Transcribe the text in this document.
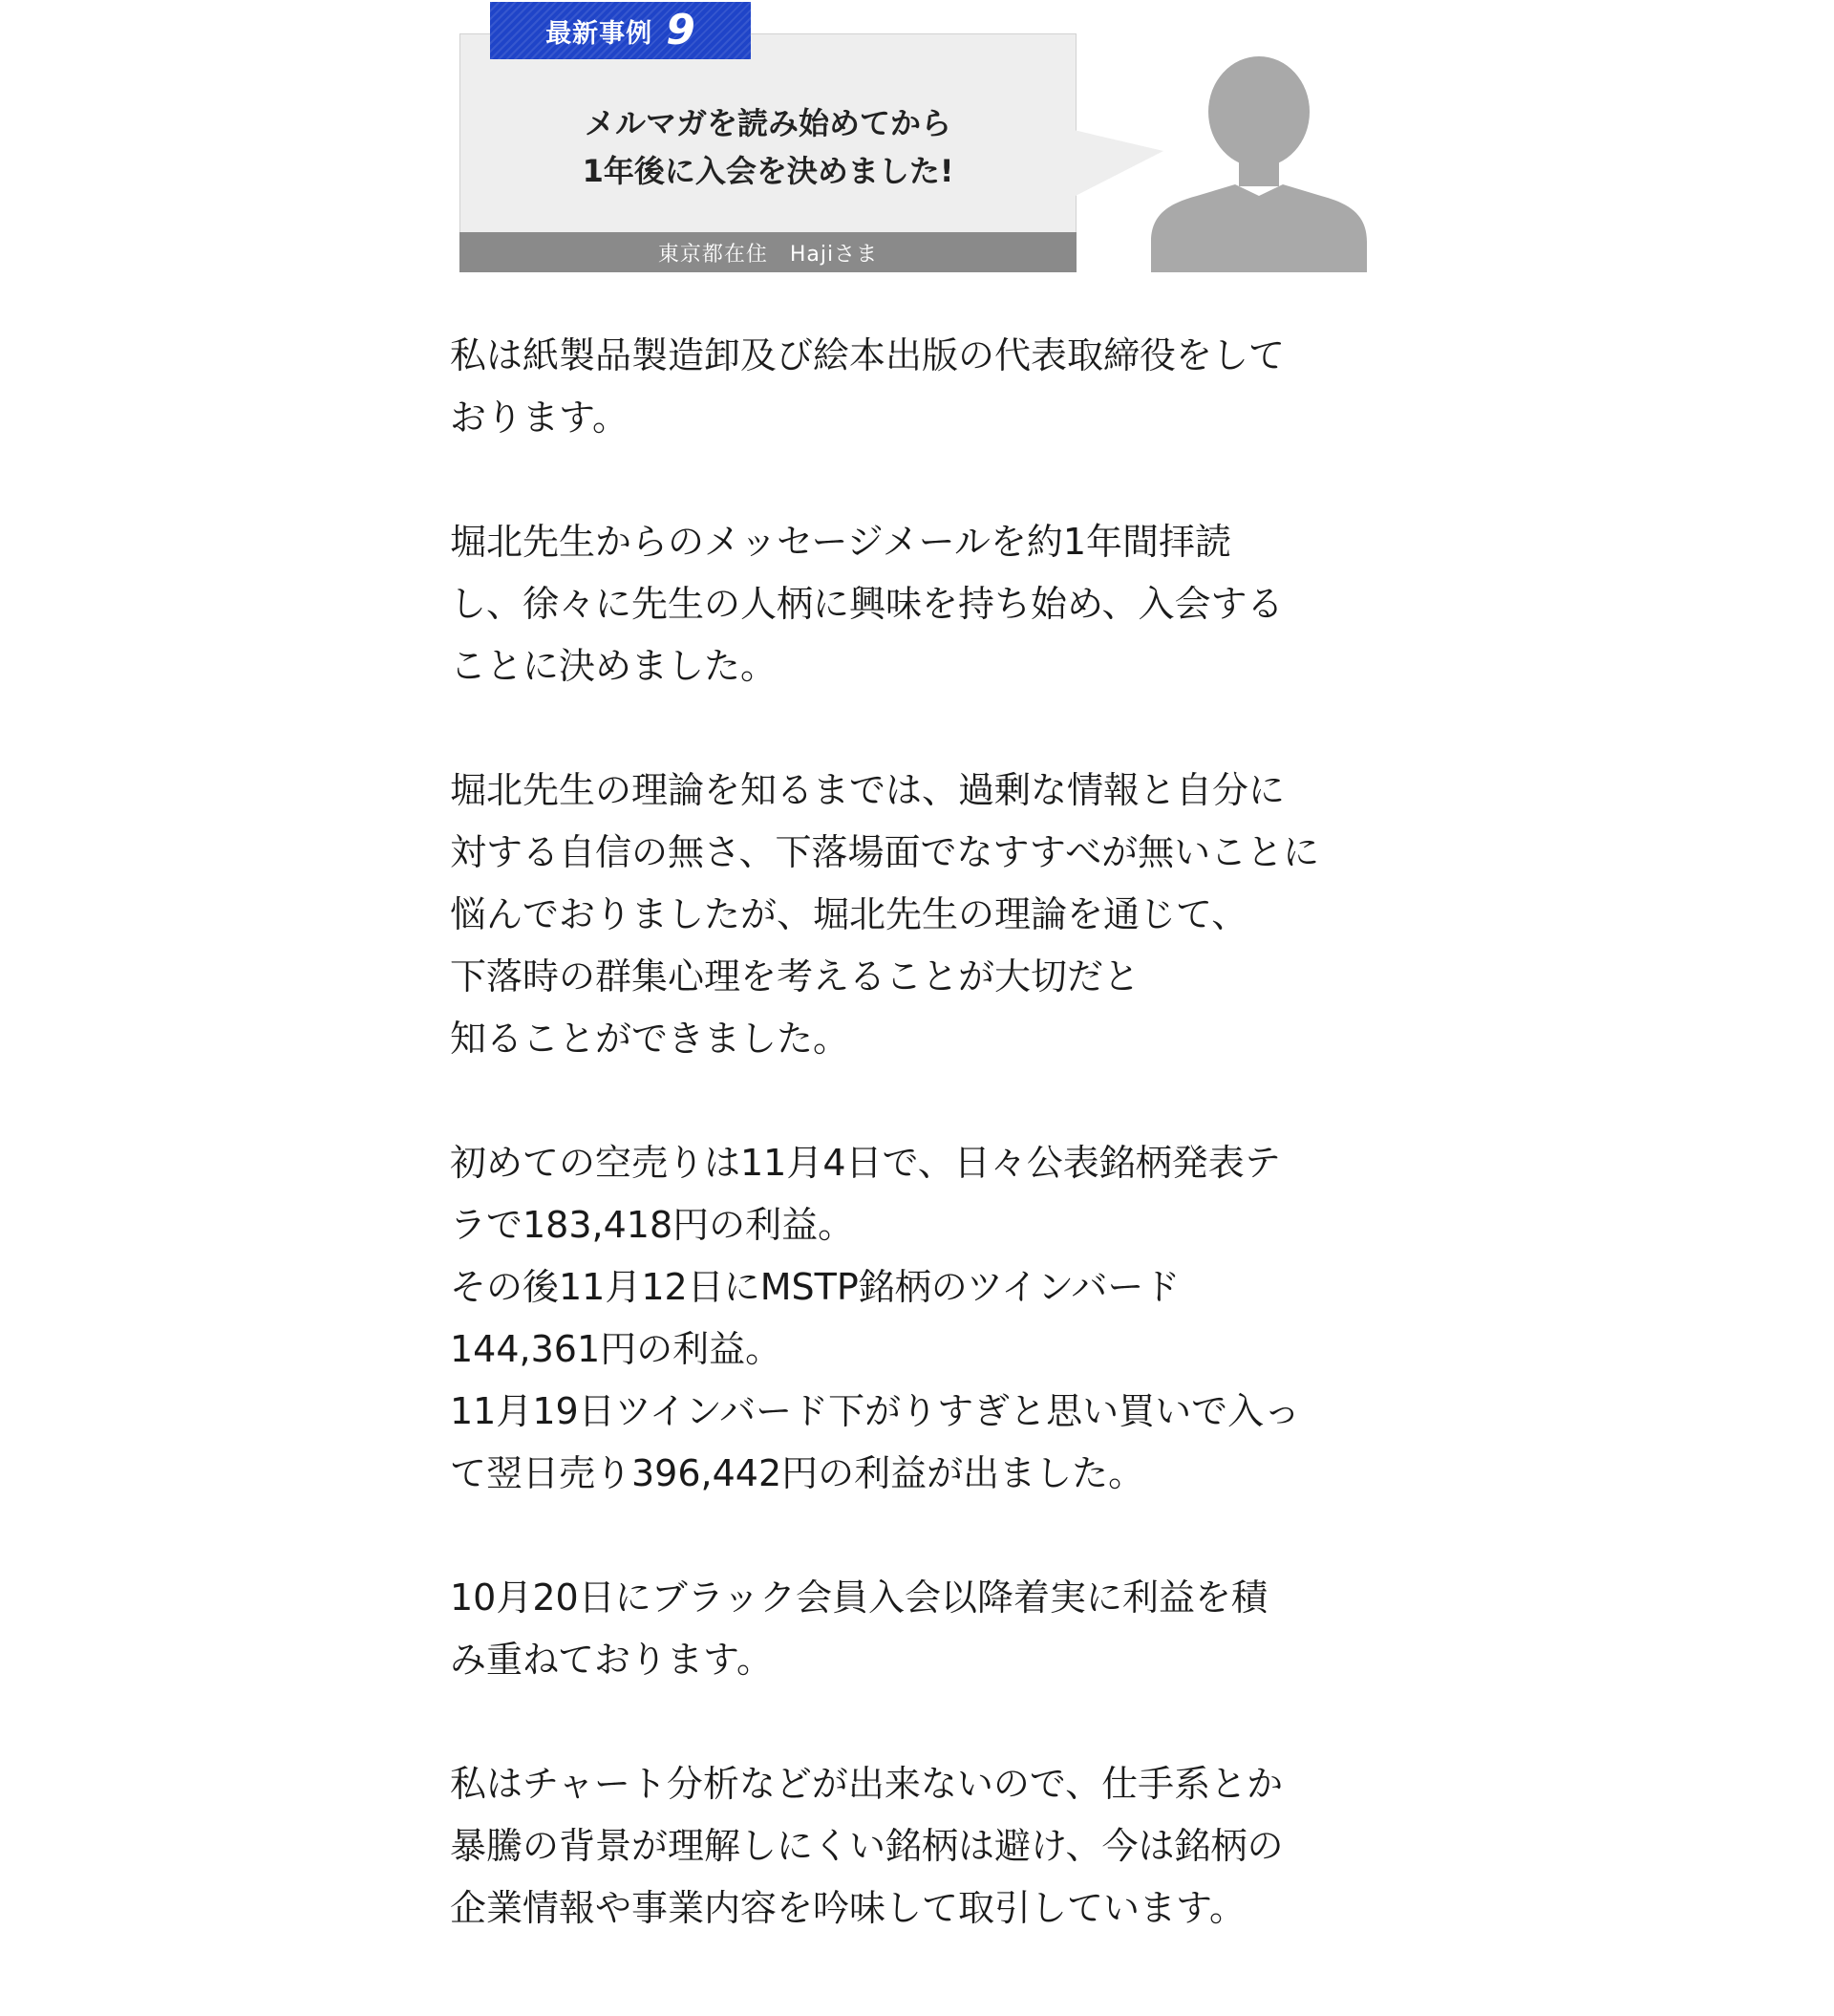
最新事例 9
メルマガを読み始めてから
1年後に入会を決めました!
東京都在住　Hajiさま

私は紙製品製造卸及び絵本出版の代表取締役をして
おります。

堀北先生からのメッセージメールを約1年間拝読
し、徐々に先生の人柄に興味を持ち始め、入会する
ことに決めました。

堀北先生の理論を知るまでは、過剰な情報と自分に
対する自信の無さ、下落場面でなすすべが無いことに
悩んでおりましたが、堀北先生の理論を通じて、
下落時の群集心理を考えることが大切だと
知ることができました。

初めての空売りは11月4日で、日々公表銘柄発表テ
ラで183,418円の利益。
その後11月12日にMSTP銘柄のツインバード
144,361円の利益。
11月19日ツインバード下がりすぎと思い買いで入っ
て翌日売り396,442円の利益が出ました。

10月20日にブラック会員入会以降着実に利益を積
み重ねております。

私はチャート分析などが出来ないので、仕手系とか
暴騰の背景が理解しにくい銘柄は避け、今は銘柄の
企業情報や事業内容を吟味して取引しています。
